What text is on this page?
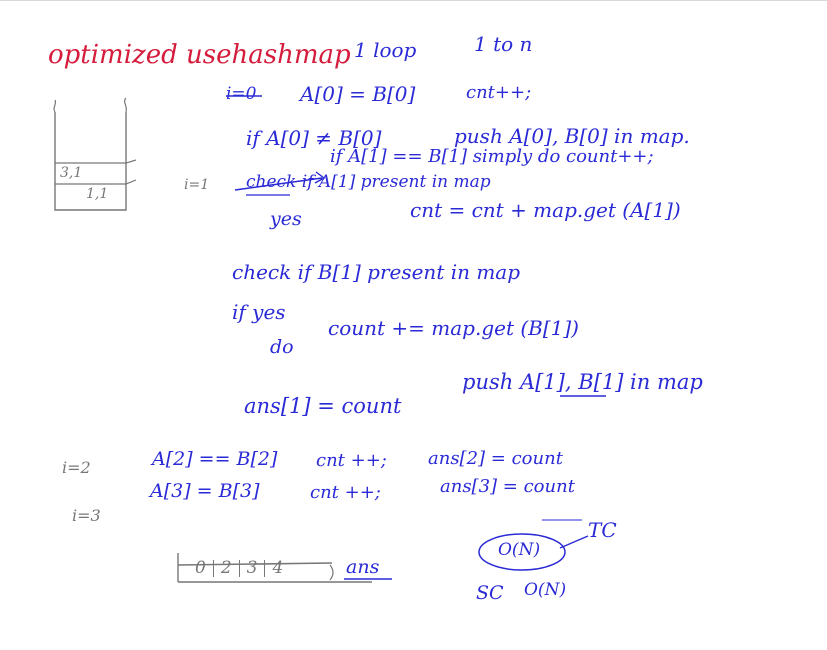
optimized usehashmap 1 loop	1 to n
3,1
1,1
i=0 A[0] = B[0]	cnt++;
if A[0] ≠ B[0]	push A[0], B[0] in map.
i=1
if A[1] == B[1] simply do count++;
check if A[1] present in map
yes	cnt = cnt + map.get (A[1])
check if B[1] present in map
if yes
do
count += map.get (B[1])
ans[1] = count
push A[1], B[1] in map
i=2	A[2] == B[2] cnt ++; ans[2] = count
i=3
A[3] = B[3]	cnt ++;	ans[3] = count
0 2 3 4	ans
O(N)
TC
SC O(N)
